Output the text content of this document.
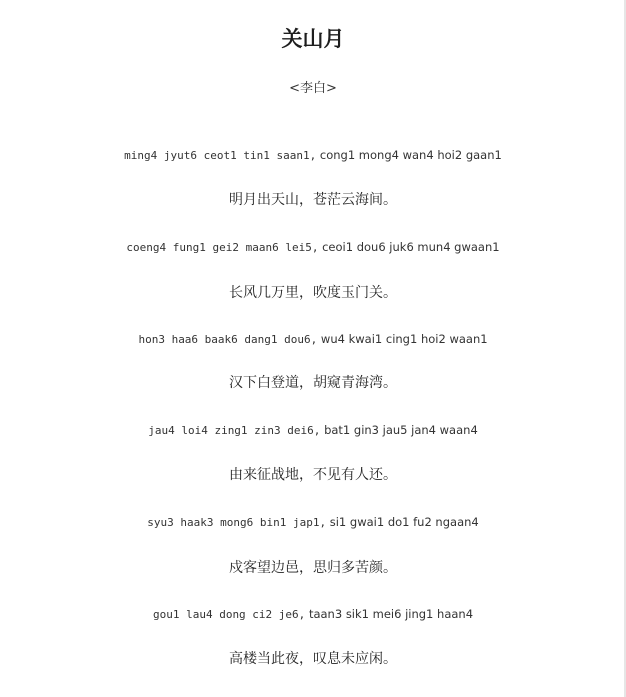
关山月
<李白>
ming4 jyut6 ceot1 tin1 saan1, cong1 mong4 wan4 hoi2 gaan1
明月出天山，苍茫云海间。
coeng4 fung1 gei2 maan6 lei5, ceoi1 dou6 juk6 mun4 gwaan1
长风几万里，吹度玉门关。
hon3 haa6 baak6 dang1 dou6, wu4 kwai1 cing1 hoi2 waan1
汉下白登道，胡窥青海湾。
jau4 loi4 zing1 zin3 dei6, bat1 gin3 jau5 jan4 waan4
由来征战地，不见有人还。
syu3 haak3 mong6 bin1 jap1, si1 gwai1 do1 fu2 ngaan4
戍客望边邑，思归多苦颜。
gou1 lau4 dong ci2 je6, taan3 sik1 mei6 jing1 haan4
高楼当此夜，叹息未应闲。
